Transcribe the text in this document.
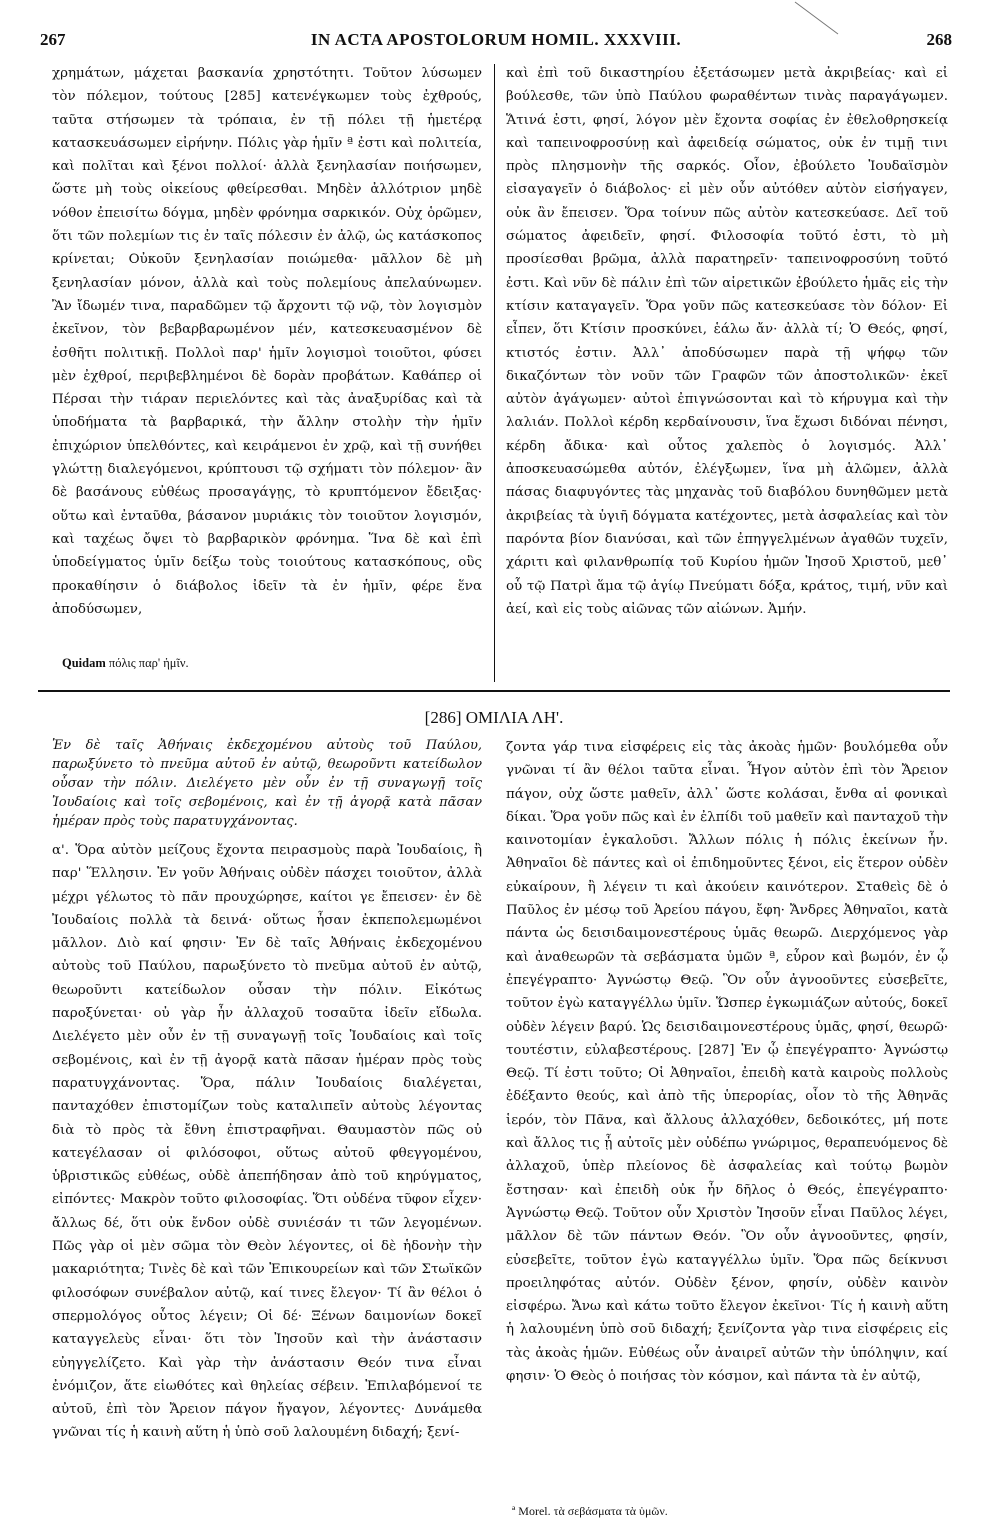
267	IN ACTA APOSTOLORUM HOMIL. XXXVIII.	268

χρημάτων, μάχεται βασκανία χρηστότητι. Τοῦτον λύσωμεν τὸν πόλεμον, τούτους [285] κατενέγκωμεν τοὺς ἐχθρούς, ταῦτα στήσωμεν τὰ τρόπαια, ἐν τῇ πόλει τῇ ἡμετέρᾳ κατασκευάσωμεν εἰρήνην. Πόλις γὰρ ἡμῖν ª ἐστι καὶ πολιτεία, καὶ πολῖται καὶ ξένοι πολλοί· ἀλλὰ ξενηλασίαν ποιήσωμεν, ὥστε μὴ τοὺς οἰκείους φθείρεσθαι. Μηδὲν ἀλλότριον μηδὲ νόθον ἐπεισίτω δόγμα, μηδὲν φρόνημα σαρκικόν. Οὐχ ὁρῶμεν, ὅτι τῶν πολεμίων τις ἐν ταῖς πόλεσιν ἐν ἀλῷ, ὡς κατάσκοπος κρίνεται; Οὐκοῦν ξενηλασίαν ποιώμεθα· μᾶλλον δὲ μὴ ξενηλασίαν μόνον, ἀλλὰ καὶ τοὺς πολεμίους ἀπελαύνωμεν. Ἂν ἴδωμέν τινα, παραδῶμεν τῷ ἄρχοντι τῷ νῷ, τὸν λογισμὸν ἐκεῖνον, τὸν βεβαρβαρωμένον μέν, κατεσκευασμένον δὲ ἐσθῆτι πολιτικῇ. Πολλοὶ παρ' ἡμῖν λογισμοὶ τοιοῦτοι, φύσει μὲν ἐχθροί, περιβεβλημένοι δὲ δορὰν προβάτων. Καθάπερ οἱ Πέρσαι τὴν τιάραν περιελόντες καὶ τὰς ἀναξυρίδας καὶ τὰ ὑποδήματα τὰ βαρβαρικά, τὴν ἄλλην στολὴν τὴν ἡμῖν ἐπιχώριον ὑπελθόντες, καὶ κειράμενοι ἐν χρῷ, καὶ τῇ συνήθει γλώττῃ διαλεγόμενοι, κρύπτουσι τῷ σχήματι τὸν πόλεμον· ἂν δὲ βασάνους εὐθέως προσαγάγῃς, τὸ κρυπτόμενον ἔδειξας· οὕτω καὶ ἐνταῦθα, βάσανον μυριάκις τὸν τοιοῦτον λογισμόν, καὶ ταχέως ὄψει τὸ βαρβαρικὸν φρόνημα. Ἵνα δὲ καὶ ἐπὶ ὑποδείγματος ὑμῖν δείξω τοὺς τοιούτους κατασκόπους, οὓς προκαθίησιν ὁ διάβολος ἰδεῖν τὰ ἐν ἡμῖν, φέρε ἕνα ἀποδύσωμεν,

καὶ ἐπὶ τοῦ δικαστηρίου ἐξετάσωμεν μετὰ ἀκριβείας· καὶ εἰ βούλεσθε, τῶν ὑπὸ Παύλου φωραθέντων τινὰς παραγάγωμεν. Ἅτινά ἐστι, φησί, λόγον μὲν ἔχοντα σοφίας ἐν ἐθελοθρησκείᾳ καὶ ταπεινοφροσύνῃ καὶ ἀφειδείᾳ σώματος, οὐκ ἐν τιμῇ τινι πρὸς πλησμονὴν τῆς σαρκός. Οἷον, ἐβούλετο Ἰουδαϊσμὸν εἰσαγαγεῖν ὁ διάβολος· εἰ μὲν οὖν αὐτόθεν αὐτὸν εἰσήγαγεν, οὐκ ἂν ἔπεισεν. Ὅρα τοίνυν πῶς αὐτὸν κατεσκεύασε. Δεῖ τοῦ σώματος ἀφειδεῖν, φησί. Φιλοσοφία τοῦτό ἐστι, τὸ μὴ προσίεσθαι βρῶμα, ἀλλὰ παρατηρεῖν· ταπεινοφροσύνη τοῦτό ἐστι. Καὶ νῦν δὲ πάλιν ἐπὶ τῶν αἱρετικῶν ἐβούλετο ἡμᾶς εἰς τὴν κτίσιν καταγαγεῖν. Ὅρα γοῦν πῶς κατεσκεύασε τὸν δόλον· Εἰ εἶπεν, ὅτι Κτίσιν προσκύνει, ἑάλω ἄν· ἀλλὰ τί; Ὁ Θεός, φησί, κτιστός ἐστιν. Ἀλλ᾽ ἀποδύσωμεν παρὰ τῇ ψήφῳ τῶν δικαζόντων τὸν νοῦν τῶν Γραφῶν τῶν ἀποστολικῶν· ἐκεῖ αὐτὸν ἀγάγωμεν· αὐτοὶ ἐπιγνώσονται καὶ τὸ κήρυγμα καὶ τὴν λαλιάν. Πολλοὶ κέρδη κερδαίνουσιν, ἵνα ἔχωσι διδόναι πένησι, κέρδη ἄδικα· καὶ οὗτος χαλεπὸς ὁ λογισμός. Ἀλλ᾽ ἀποσκευασώμεθα αὐτόν, ἐλέγξωμεν, ἵνα μὴ ἁλῶμεν, ἀλλὰ πάσας διαφυγόντες τὰς μηχανὰς τοῦ διαβόλου δυνηθῶμεν μετὰ ἀκριβείας τὰ ὑγιῆ δόγματα κατέχοντες, μετὰ ἀσφαλείας καὶ τὸν παρόντα βίον διανύσαι, καὶ τῶν ἐπηγγελμένων ἀγαθῶν τυχεῖν, χάριτι καὶ φιλανθρωπίᾳ τοῦ Κυρίου ἡμῶν Ἰησοῦ Χριστοῦ, μεθ᾽ οὗ τῷ Πατρὶ ἅμα τῷ ἁγίῳ Πνεύματι δόξα, κράτος, τιμή, νῦν καὶ ἀεί, καὶ εἰς τοὺς αἰῶνας τῶν αἰώνων. Ἀμήν.

Quidam πόλις παρ' ἡμῖν.
[286] ΟΜΙΛΙΑ ΛΗ'.

Ἐν δὲ ταῖς Ἀθήναις ἐκδεχομένου αὐτοὺς τοῦ Παύλου, παρωξύνετο τὸ πνεῦμα αὐτοῦ ἐν αὐτῷ, θεωροῦντι κατείδωλον οὖσαν τὴν πόλιν. Διελέγετο μὲν οὖν ἐν τῇ συναγωγῇ τοῖς Ἰουδαίοις καὶ τοῖς σεβομένοις, καὶ ἐν τῇ ἀγορᾷ κατὰ πᾶσαν ἡμέραν πρὸς τοὺς παρατυγχάνοντας.

α'. Ὅρα αὐτὸν μείζους ἔχοντα πειρασμοὺς παρὰ Ἰουδαίοις, ἢ παρ' Ἕλλησιν. Ἐν γοῦν Ἀθήναις οὐδὲν πάσχει τοιοῦτον, ἀλλὰ μέχρι γέλωτος τὸ πᾶν προυχώρησε, καίτοι γε ἔπεισεν· ἐν δὲ Ἰουδαίοις πολλὰ τὰ δεινά· οὕτως ἦσαν ἐκπεπολεμωμένοι μᾶλλον. Διὸ καί φησιν· Ἐν δὲ ταῖς Ἀθήναις ἐκδεχομένου αὐτοὺς τοῦ Παύλου, παρωξύνετο τὸ πνεῦμα αὐτοῦ ἐν αὐτῷ, θεωροῦντι κατείδωλον οὖσαν τὴν πόλιν. Εἰκότως παροξύνεται· οὐ γὰρ ἦν ἀλλαχοῦ τοσαῦτα ἰδεῖν εἴδωλα. Διελέγετο μὲν οὖν ἐν τῇ συναγωγῇ τοῖς Ἰουδαίοις καὶ τοῖς σεβομένοις, καὶ ἐν τῇ ἀγορᾷ κατὰ πᾶσαν ἡμέραν πρὸς τοὺς παρατυγχάνοντας. Ὅρα, πάλιν Ἰουδαίοις διαλέγεται, πανταχόθεν ἐπιστομίζων τοὺς καταλιπεῖν αὐτοὺς λέγοντας διὰ τὸ πρὸς τὰ ἔθνη ἐπιστραφῆναι. Θαυμαστὸν πῶς οὐ κατεγέλασαν οἱ φιλόσοφοι, οὕτως αὐτοῦ φθεγγομένου, ὑβριστικῶς εὐθέως, οὐδὲ ἀπεπήδησαν ἀπὸ τοῦ κηρύγματος, εἰπόντες· Μακρὸν τοῦτο φιλοσοφίας. Ὅτι οὐδένα τῦφον εἶχεν· ἄλλως δέ, ὅτι οὐκ ἔνδον οὐδὲ συνιέσάν τι τῶν λεγομένων. Πῶς γὰρ οἱ μὲν σῶμα τὸν Θεὸν λέγοντες, οἱ δὲ ἡδονὴν τὴν μακαριότητα; Τινὲς δὲ καὶ τῶν Ἐπικουρείων καὶ τῶν Στωϊκῶν φιλοσόφων συνέβαλον αὐτῷ, καί τινες ἔλεγον· Τί ἂν θέλοι ὁ σπερμολόγος οὗτος λέγειν; Οἱ δέ· Ξένων δαιμονίων δοκεῖ καταγγελεὺς εἶναι· ὅτι τὸν Ἰησοῦν καὶ τὴν ἀνάστασιν εὐηγγελίζετο. Καὶ γὰρ τὴν ἀνάστασιν Θεόν τινα εἶναι ἐνόμιζον, ἅτε εἰωθότες καὶ θηλείας σέβειν. Ἐπιλαβόμενοί τε αὐτοῦ, ἐπὶ τὸν Ἄρειον πάγον ἤγαγον, λέγοντες· Δυνάμεθα γνῶναι τίς ἡ καινὴ αὕτη ἡ ὑπὸ σοῦ λαλουμένη διδαχή; ξενί-

ζοντα γάρ τινα εἰσφέρεις εἰς τὰς ἀκοὰς ἡμῶν· βουλόμεθα οὖν γνῶναι τί ἂν θέλοι ταῦτα εἶναι. Ἦγον αὐτὸν ἐπὶ τὸν Ἄρειον πάγον, οὐχ ὥστε μαθεῖν, ἀλλ᾽ ὥστε κολάσαι, ἔνθα αἱ φονικαὶ δίκαι. Ὅρα γοῦν πῶς καὶ ἐν ἐλπίδι τοῦ μαθεῖν καὶ πανταχοῦ τὴν καινοτομίαν ἐγκαλοῦσι. Ἄλλων πόλις ἡ πόλις ἐκείνων ἦν. Ἀθηναῖοι δὲ πάντες καὶ οἱ ἐπιδημοῦντες ξένοι, εἰς ἕτερον οὐδὲν εὐκαίρουν, ἢ λέγειν τι καὶ ἀκούειν καινότερον. Σταθεὶς δὲ ὁ Παῦλος ἐν μέσῳ τοῦ Ἀρείου πάγου, ἔφη· Ἄνδρες Ἀθηναῖοι, κατὰ πάντα ὡς δεισιδαιμονεστέρους ὑμᾶς θεωρῶ. Διερχόμενος γὰρ καὶ ἀναθεωρῶν τὰ σεβάσματα ὑμῶν ª, εὗρον καὶ βωμόν, ἐν ᾧ ἐπεγέγραπτο· Ἀγνώστῳ Θεῷ. Ὃν οὖν ἀγνοοῦντες εὐσεβεῖτε, τοῦτον ἐγὼ καταγγέλλω ὑμῖν. Ὥσπερ ἐγκωμιάζων αὐτούς, δοκεῖ οὐδὲν λέγειν βαρύ. Ὡς δεισιδαιμονεστέρους ὑμᾶς, φησί, θεωρῶ· τουτέστιν, εὐλαβεστέρους. [287] Ἐν ᾧ ἐπεγέγραπτο· Ἀγνώστῳ Θεῷ. Τί ἐστι τοῦτο; Οἱ Ἀθηναῖοι, ἐπειδὴ κατὰ καιροὺς πολλοὺς ἐδέξαντο θεούς, καὶ ἀπὸ τῆς ὑπερορίας, οἷον τὸ τῆς Ἀθηνᾶς ἱερόν, τὸν Πᾶνα, καὶ ἄλλους ἀλλαχόθεν, δεδοικότες, μή ποτε καὶ ἄλλος τις ᾖ αὐτοῖς μὲν οὐδέπω γνώριμος, θεραπευόμενος δὲ ἀλλαχοῦ, ὑπὲρ πλείονος δὲ ἀσφαλείας καὶ τούτῳ βωμὸν ἔστησαν· καὶ ἐπειδὴ οὐκ ἦν δῆλος ὁ Θεός, ἐπεγέγραπτο· Ἀγνώστῳ Θεῷ. Τοῦτον οὖν Χριστὸν Ἰησοῦν εἶναι Παῦλος λέγει, μᾶλλον δὲ τῶν πάντων Θεόν. Ὃν οὖν ἀγνοοῦντες, φησίν, εὐσεβεῖτε, τοῦτον ἐγὼ καταγγέλλω ὑμῖν. Ὅρα πῶς δείκνυσι προειληφότας αὐτόν. Οὐδὲν ξένον, φησίν, οὐδὲν καινὸν εἰσφέρω. Ἄνω καὶ κάτω τοῦτο ἔλεγον ἐκεῖνοι· Τίς ἡ καινὴ αὕτη ἡ λαλουμένη ὑπὸ σοῦ διδαχή; ξενίζοντα γὰρ τινα εἰσφέρεις εἰς τὰς ἀκοὰς ἡμῶν. Εὐθέως οὖν ἀναιρεῖ αὐτῶν τὴν ὑπόληψιν, καί φησιν· Ὁ Θεὸς ὁ ποιήσας τὸν κόσμον, καὶ πάντα τὰ ἐν αὐτῷ,

ª Morel. τὰ σεβάσματα τὰ ὑμῶν.
